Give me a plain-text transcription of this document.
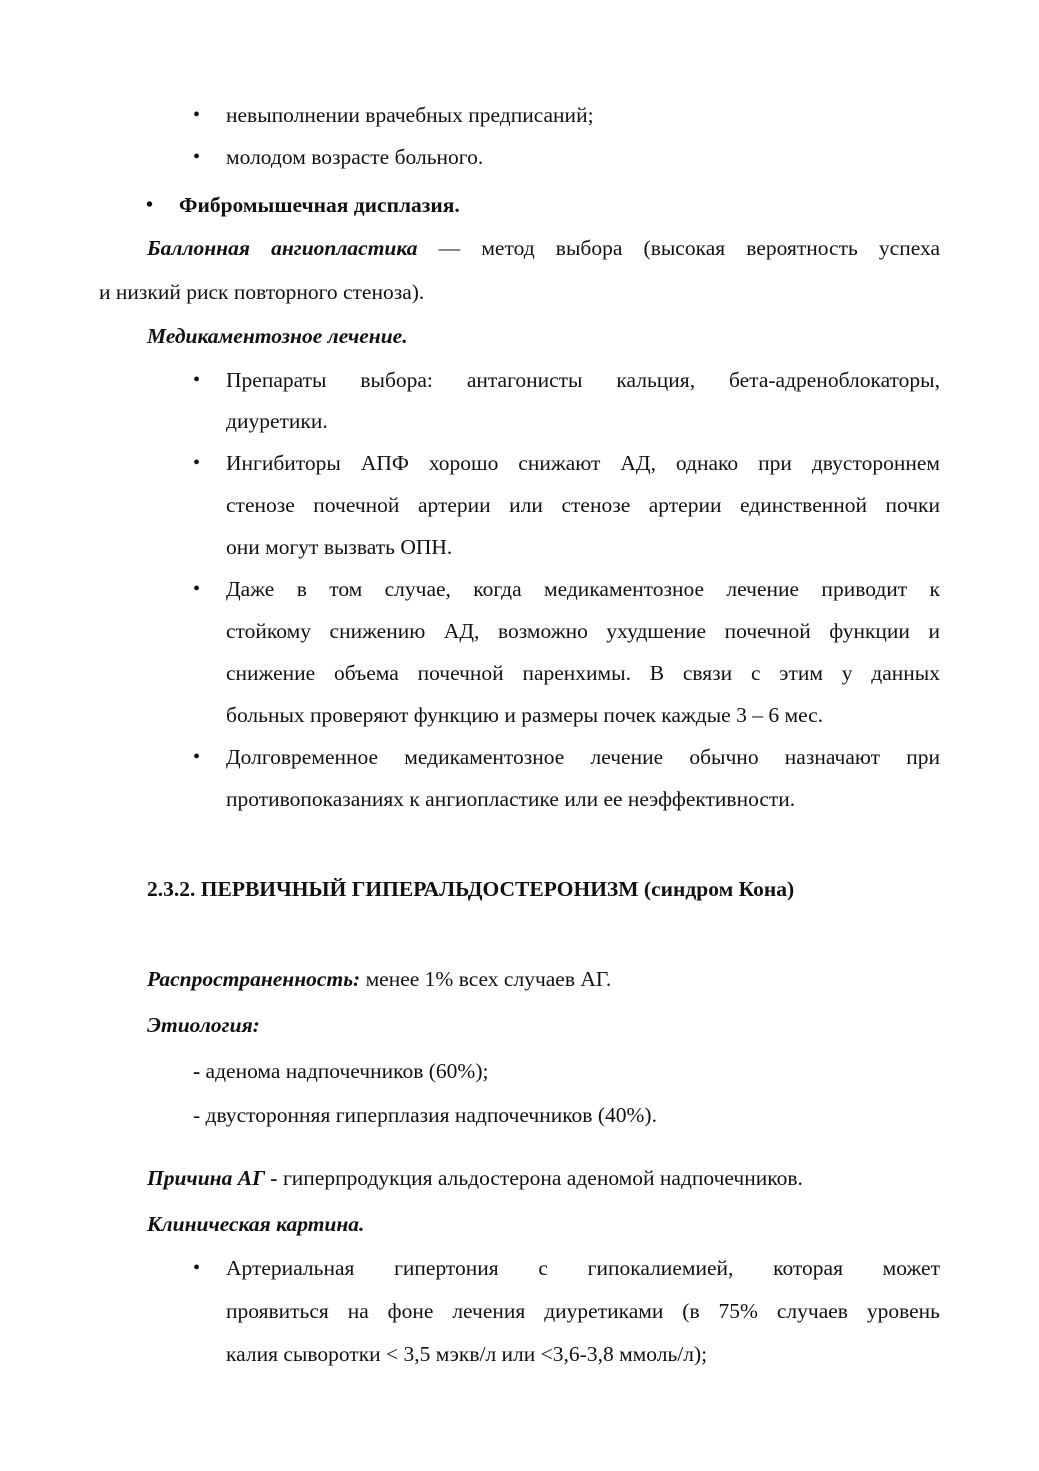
• невыполнении врачебных предписаний;
• молодом возрасте больного.
• Фибромышечная дисплазия.
Баллонная ангиопластика — метод выбора (высокая вероятность успеха
и низкий риск повторного стеноза).
Медикаментозное лечение.
• Препараты выбора: антагонисты кальция, бета-адреноблокаторы,
диуретики.
• Ингибиторы АПФ хорошо снижают АД, однако при двустороннем
стенозе почечной артерии или стенозе артерии единственной почки
они могут вызвать ОПН.
• Даже в том случае, когда медикаментозное лечение приводит к
стойкому снижению АД, возможно ухудшение почечной функции и
снижение объема почечной паренхимы. В связи с этим у данных
больных проверяют функцию и размеры почек каждые 3 – 6 мес.
• Долговременное медикаментозное лечение обычно назначают при
противопоказаниях к ангиопластике или ее неэффективности.
2.3.2. ПЕРВИЧНЫЙ ГИПЕРАЛЬДОСТЕРОНИЗМ (синдром Кона)
Распространенность: менее 1% всех случаев АГ.
Этиология:
- аденома надпочечников (60%);
- двусторонняя гиперплазия надпочечников (40%).
Причина АГ - гиперпродукция альдостерона аденомой надпочечников.
Клиническая картина.
• Артериальная гипертония с гипокалиемией, которая может
проявиться на фоне лечения диуретиками (в 75% случаев уровень
калия сыворотки < 3,5 мэкв/л или <3,6-3,8 ммоль/л);
